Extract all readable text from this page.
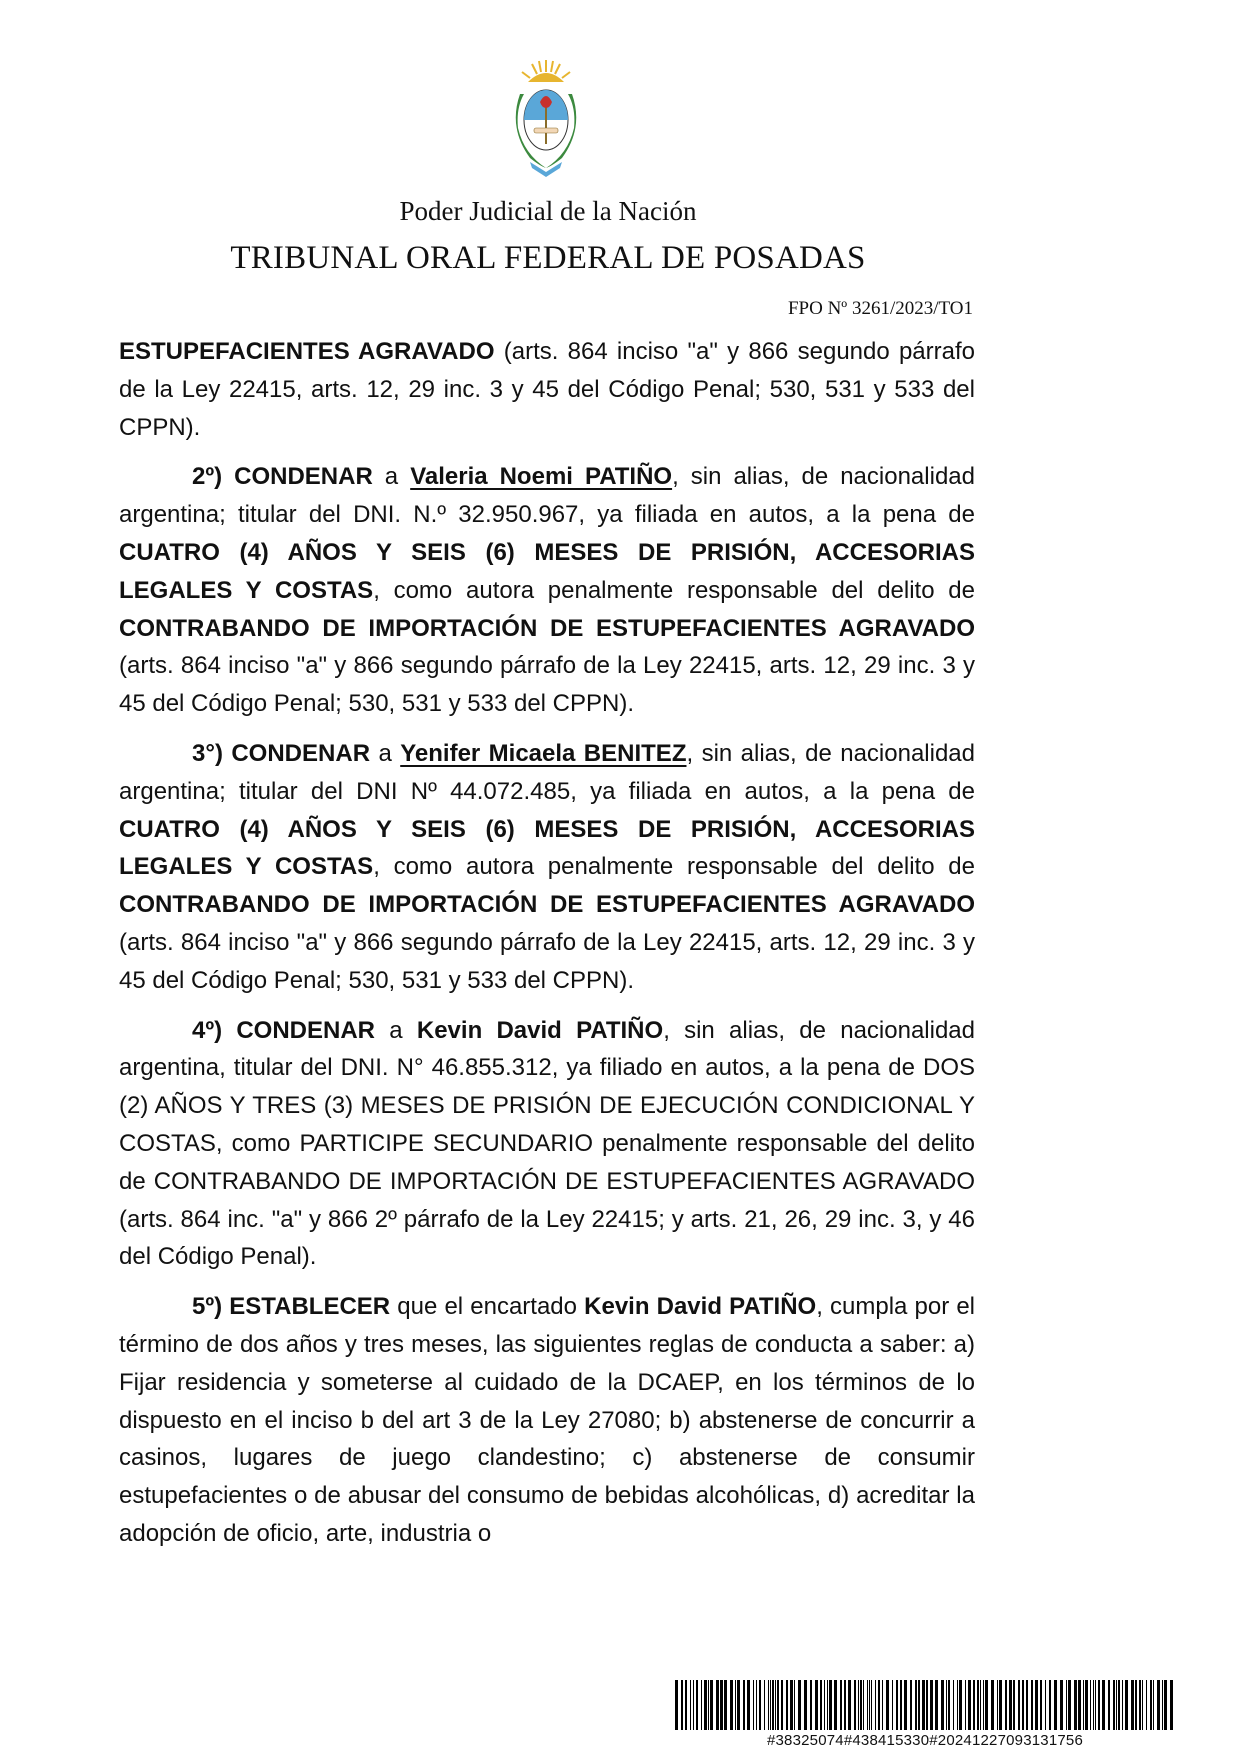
Poder Judicial de la Nación
TRIBUNAL ORAL FEDERAL DE POSADAS
FPO Nº 3261/2023/TO1

ESTUPEFACIENTES AGRAVADO (arts. 864 inciso "a" y 866 segundo párrafo de la Ley 22415, arts. 12, 29 inc. 3 y 45 del Código Penal; 530, 531 y 533 del CPPN).

2º) CONDENAR a Valeria Noemi PATIÑO, sin alias, de nacionalidad argentina; titular del DNI. N.º 32.950.967, ya filiada en autos, a la pena de CUATRO (4) AÑOS Y SEIS (6) MESES DE PRISIÓN, ACCESORIAS LEGALES Y COSTAS, como autora penalmente responsable del delito de CONTRABANDO DE IMPORTACIÓN DE ESTUPEFACIENTES AGRAVADO (arts. 864 inciso "a" y 866 segundo párrafo de la Ley 22415, arts. 12, 29 inc. 3 y 45 del Código Penal; 530, 531 y 533 del CPPN).

3°) CONDENAR a Yenifer Micaela BENITEZ, sin alias, de nacionalidad argentina; titular del DNI Nº 44.072.485, ya filiada en autos, a la pena de CUATRO (4) AÑOS Y SEIS (6) MESES DE PRISIÓN, ACCESORIAS LEGALES Y COSTAS, como autora penalmente responsable del delito de CONTRABANDO DE IMPORTACIÓN DE ESTUPEFACIENTES AGRAVADO (arts. 864 inciso "a" y 866 segundo párrafo de la Ley 22415, arts. 12, 29 inc. 3 y 45 del Código Penal; 530, 531 y 533 del CPPN).

4º) CONDENAR a Kevin David PATIÑO, sin alias, de nacionalidad argentina, titular del DNI. N° 46.855.312, ya filiado en autos, a la pena de DOS (2) AÑOS Y TRES (3) MESES DE PRISIÓN DE EJECUCIÓN CONDICIONAL Y COSTAS, como PARTICIPE SECUNDARIO penalmente responsable del delito de CONTRABANDO DE IMPORTACIÓN DE ESTUPEFACIENTES AGRAVADO (arts. 864 inc. "a" y 866 2º párrafo de la Ley 22415; y arts. 21, 26, 29 inc. 3, y 46 del Código Penal).

5º) ESTABLECER que el encartado Kevin David PATIÑO, cumpla por el término de dos años y tres meses, las siguientes reglas de conducta a saber: a) Fijar residencia y someterse al cuidado de la DCAEP, en los términos de lo dispuesto en el inciso b del art 3 de la Ley 27080; b) abstenerse de concurrir a casinos, lugares de juego clandestino; c) abstenerse de consumir estupefacientes o de abusar del consumo de bebidas alcohólicas, d) acreditar la adopción de oficio, arte, industria o

#38325074#438415330#20241227093131756
